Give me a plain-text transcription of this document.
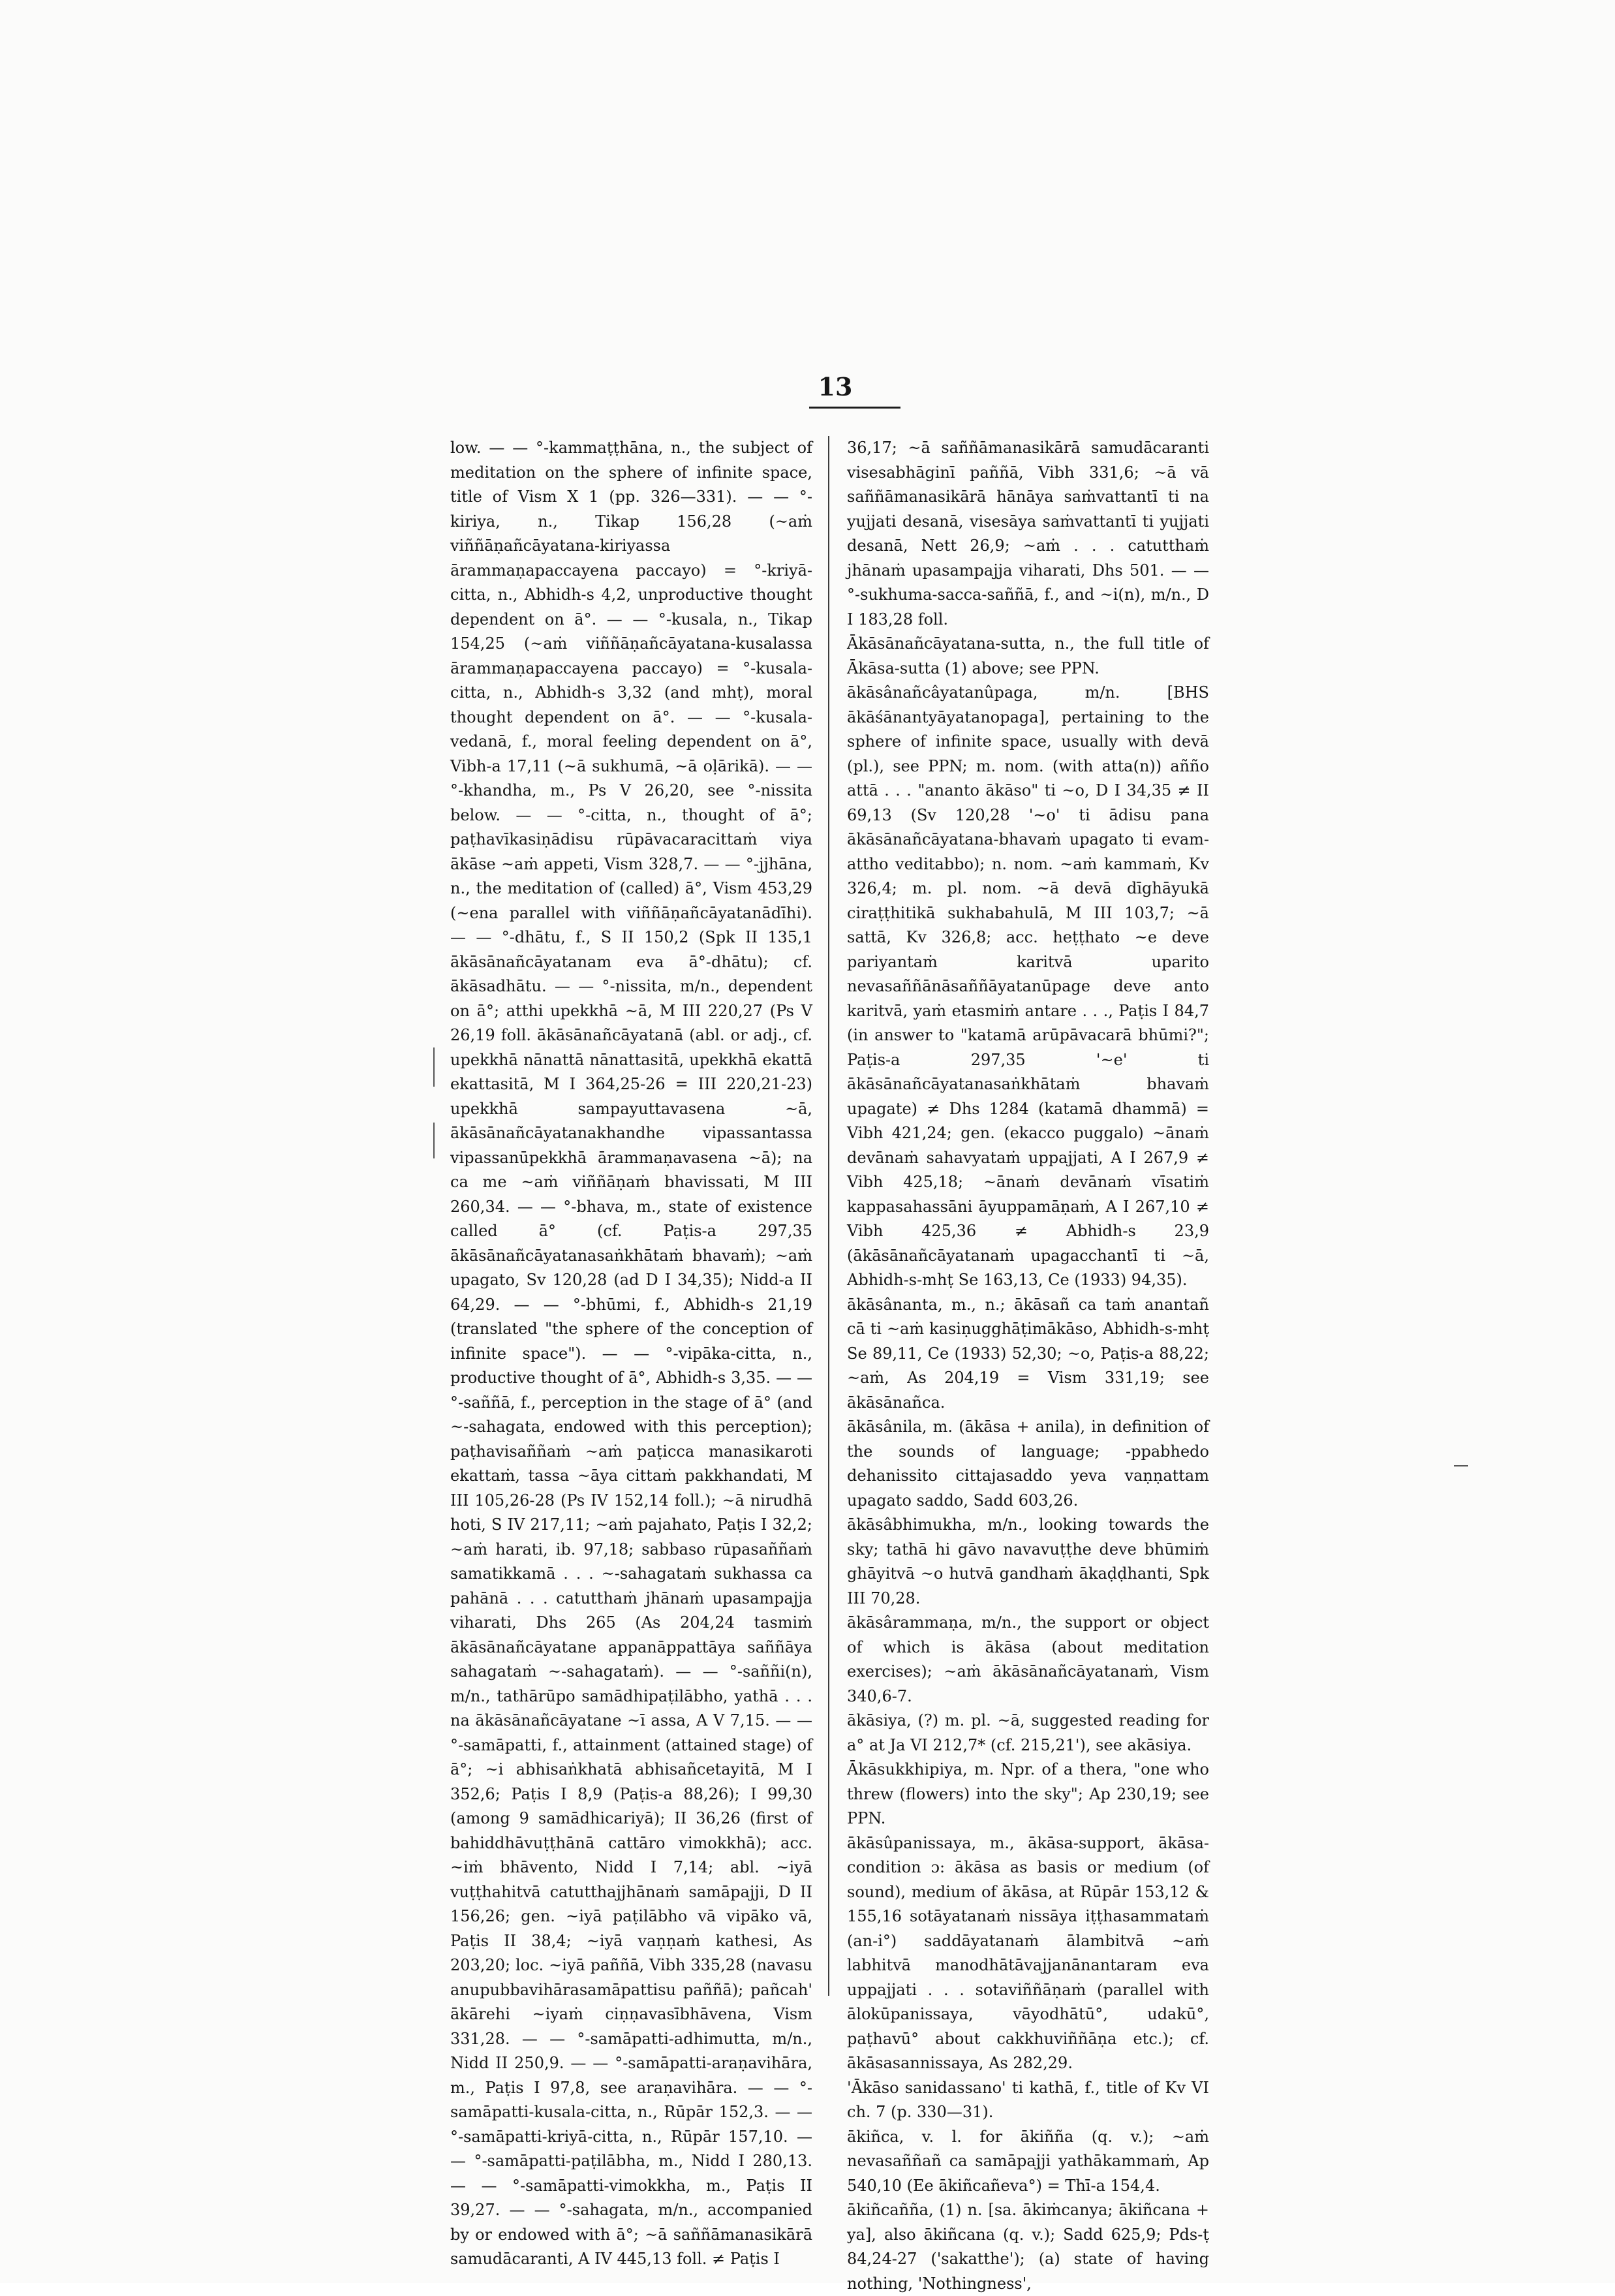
13

low. — — °-kammaṭṭhāna, n., the subject of meditation on the sphere of infinite space, title of Vism X 1 (pp. 326—331). — — °-kiriya, n., Tikap 156,28 (~aṁ viññāṇañcāyatana-kiriyassa ārammaṇapaccayena paccayo) = °-kriyā-citta, n., Abhidh-s 4,2, unproductive thought dependent on ā°. — — °-kusala, n., Tikap 154,25 (~aṁ viññāṇañcāyatana-kusalassa ārammaṇapaccayena paccayo) = °-kusala-citta, n., Abhidh-s 3,32 (and mhṭ), moral thought dependent on ā°. — — °-kusala-vedanā, f., moral feeling dependent on ā°, Vibh-a 17,11 (~ā sukhumā, ~ā oḷārikā). — — °-khandha, m., Ps V 26,20, see °-nissita below. — — °-citta, n., thought of ā°; paṭhavīkasiṇādisu rūpāvacaracittaṁ viya ākāse ~aṁ appeti, Vism 328,7. — — °-jjhāna, n., the meditation of (called) ā°, Vism 453,29 (~ena parallel with viññāṇañcāyatanādīhi). — — °-dhātu, f., S II 150,2 (Spk II 135,1 ākāsānañcāyatanam eva ā°-dhātu); cf. ākāsadhātu. — — °-nissita, m/n., dependent on ā°; atthi upekkhā ~ā, M III 220,27 (Ps V 26,19 foll. ākāsānañcāyatanā (abl. or adj., cf. upekkhā nānattā nānattasitā, upekkhā ekattā ekattasitā, M I 364,25-26 = III 220,21-23) upekkhā sampayuttavasena ~ā, ākāsānañcāyatanakhandhe vipassantassa vipassanūpekkhā ārammaṇavasena ~ā); na ca me ~aṁ viññāṇaṁ bhavissati, M III 260,34. — — °-bhava, m., state of existence called ā° (cf. Paṭis-a 297,35 ākāsānañcāyatanasaṅkhātaṁ bhavaṁ); ~aṁ upagato, Sv 120,28 (ad D I 34,35); Nidd-a II 64,29. — — °-bhūmi, f., Abhidh-s 21,19 (translated "the sphere of the conception of infinite space"). — — °-vipāka-citta, n., productive thought of ā°, Abhidh-s 3,35. — — °-saññā, f., perception in the stage of ā° (and ~-sahagata, endowed with this perception); paṭhavisaññaṁ ~aṁ paṭicca manasikaroti ekattaṁ, tassa ~āya cittaṁ pakkhandati, M III 105,26-28 (Ps IV 152,14 foll.); ~ā nirudhā hoti, S IV 217,11; ~aṁ pajahato, Paṭis I 32,2; ~aṁ harati, ib. 97,18; sabbaso rūpasaññaṁ samatikkamā . . . ~-sahagataṁ sukhassa ca pahānā . . . catutthaṁ jhānaṁ upasampajja viharati, Dhs 265 (As 204,24 tasmiṁ ākāsānañcāyatane appanāppattāya saññāya sahagataṁ ~-sahagataṁ). — — °-saññi(n), m/n., tathārūpo samādhipaṭilābho, yathā . . . na ākāsānañcāyatane ~ī assa, A V 7,15. — — °-samāpatti, f., attainment (attained stage) of ā°; ~i abhisaṅkhatā abhisañcetayitā, M I 352,6; Paṭis I 8,9 (Paṭis-a 88,26); I 99,30 (among 9 samādhicariyā); II 36,26 (first of bahiddhāvuṭṭhānā cattāro vimokkhā); acc. ~iṁ bhāvento, Nidd I 7,14; abl. ~iyā vuṭṭhahitvā catutthajjhānaṁ samāpajji, D II 156,26; gen. ~iyā paṭilābho vā vipāko vā, Paṭis II 38,4; ~iyā vaṇṇaṁ kathesi, As 203,20; loc. ~iyā paññā, Vibh 335,28 (navasu anupubbavihārasamāpattisu paññā); pañcah' ākārehi ~iyaṁ ciṇṇavasībhāvena, Vism 331,28. — — °-samāpatti-adhimutta, m/n., Nidd II 250,9. — — °-samāpatti-araṇavihāra, m., Paṭis I 97,8, see araṇavihāra. — — °-samāpatti-kusala-citta, n., Rūpār 152,3. — — °-samāpatti-kriyā-citta, n., Rūpār 157,10. — — °-samāpatti-paṭilābha, m., Nidd I 280,13. — — °-samāpatti-vimokkha, m., Paṭis II 39,27. — — °-sahagata, m/n., accompanied by or endowed with ā°; ~ā saññāmanasikārā samudācaranti, A IV 445,13 foll. ≠ Paṭis I

36,17; ~ā saññāmanasikārā samudācaranti visesabhāginī paññā, Vibh 331,6; ~ā vā saññāmanasikārā hānāya saṁvattantī ti na yujjati desanā, visesāya saṁvattantī ti yujjati desanā, Nett 26,9; ~aṁ . . . catutthaṁ jhānaṁ upasampajja viharati, Dhs 501. — — °-sukhuma-sacca-saññā, f., and ~i(n), m/n., D I 183,28 foll.

Ākāsānañcāyatana-sutta, n., the full title of Ākāsa-sutta (1) above; see PPN.

ākāsânañcâyatanûpaga, m/n. [BHS ākāśānantyāyatanopaga], pertaining to the sphere of infinite space, usually with devā (pl.), see PPN; m. nom. (with atta(n)) añño attā . . . "ananto ākāso" ti ~o, D I 34,35 ≠ II 69,13 (Sv 120,28 '~o' ti ādisu pana ākāsānañcāyatana-bhavaṁ upagato ti evam-attho veditabbo); n. nom. ~aṁ kammaṁ, Kv 326,4; m. pl. nom. ~ā devā dīghāyukā ciraṭṭhitikā sukhabahulā, M III 103,7; ~ā sattā, Kv 326,8; acc. heṭṭhato ~e deve pariyantaṁ karitvā uparito nevasaññānāsaññāyatanūpage deve anto karitvā, yaṁ etasmiṁ antare . . ., Paṭis I 84,7 (in answer to "katamā arūpāvacarā bhūmi?"; Paṭis-a 297,35 '~e' ti ākāsānañcāyatanasaṅkhātaṁ bhavaṁ upagate) ≠ Dhs 1284 (katamā dhammā) = Vibh 421,24; gen. (ekacco puggalo) ~ānaṁ devānaṁ sahavyataṁ uppajjati, A I 267,9 ≠ Vibh 425,18; ~ānaṁ devānaṁ vīsatiṁ kappasahassāni āyuppamāṇaṁ, A I 267,10 ≠ Vibh 425,36 ≠ Abhidh-s 23,9 (ākāsānañcāyatanaṁ upagacchantī ti ~ā, Abhidh-s-mhṭ Se 163,13, Ce (1933) 94,35).

ākāsânanta, m., n.; ākāsañ ca taṁ anantañ cā ti ~aṁ kasiṇugghāṭimākāso, Abhidh-s-mhṭ Se 89,11, Ce (1933) 52,30; ~o, Paṭis-a 88,22; ~aṁ, As 204,19 = Vism 331,19; see ākāsānañca.

ākāsânila, m. (ākāsa + anila), in definition of the sounds of language; -ppabhedo dehanissito cittajasaddo yeva vaṇṇattam upagato saddo, Sadd 603,26.

ākāsâbhimukha, m/n., looking towards the sky; tathā hi gāvo navavuṭṭhe deve bhūmiṁ ghāyitvā ~o hutvā gandhaṁ ākaḍḍhanti, Spk III 70,28.

ākāsârammaṇa, m/n., the support or object of which is ākāsa (about meditation exercises); ~aṁ ākāsānañcāyatanaṁ, Vism 340,6-7.

ākāsiya, (?) m. pl. ~ā, suggested reading for a° at Ja VI 212,7* (cf. 215,21'), see akāsiya.

Ākāsukkhipiya, m. Npr. of a thera, "one who threw (flowers) into the sky"; Ap 230,19; see PPN.

ākāsûpanissaya, m., ākāsa-support, ākāsa-condition ɔ: ākāsa as basis or medium (of sound), medium of ākāsa, at Rūpār 153,12 & 155,16 sotāyatanaṁ nissāya iṭṭhasammataṁ (an-i°) saddāyatanaṁ ālambitvā ~aṁ labhitvā manodhātāvajjanānantaram eva uppajjati . . . sotaviññāṇaṁ (parallel with ālokūpanissaya, vāyodhātū°, udakū°, paṭhavū° about cakkhuviññāṇa etc.); cf. ākāsasannissaya, As 282,29.

'Ākāso sanidassano' ti kathā, f., title of Kv VI ch. 7 (p. 330—31).

ākiñca, v. l. for ākiñña (q. v.); ~aṁ nevasaññañ ca samāpajji yathākammaṁ, Ap 540,10 (Ee ākiñcañeva°) = Thī-a 154,4.

ākiñcañña, (1) n. [sa. ākiṁcanya; ākiñcana + ya], also ākiñcana (q. v.); Sadd 625,9; Pds-ṭ 84,24-27 ('sakatthe'); (a) state of having nothing, 'Nothingness',
